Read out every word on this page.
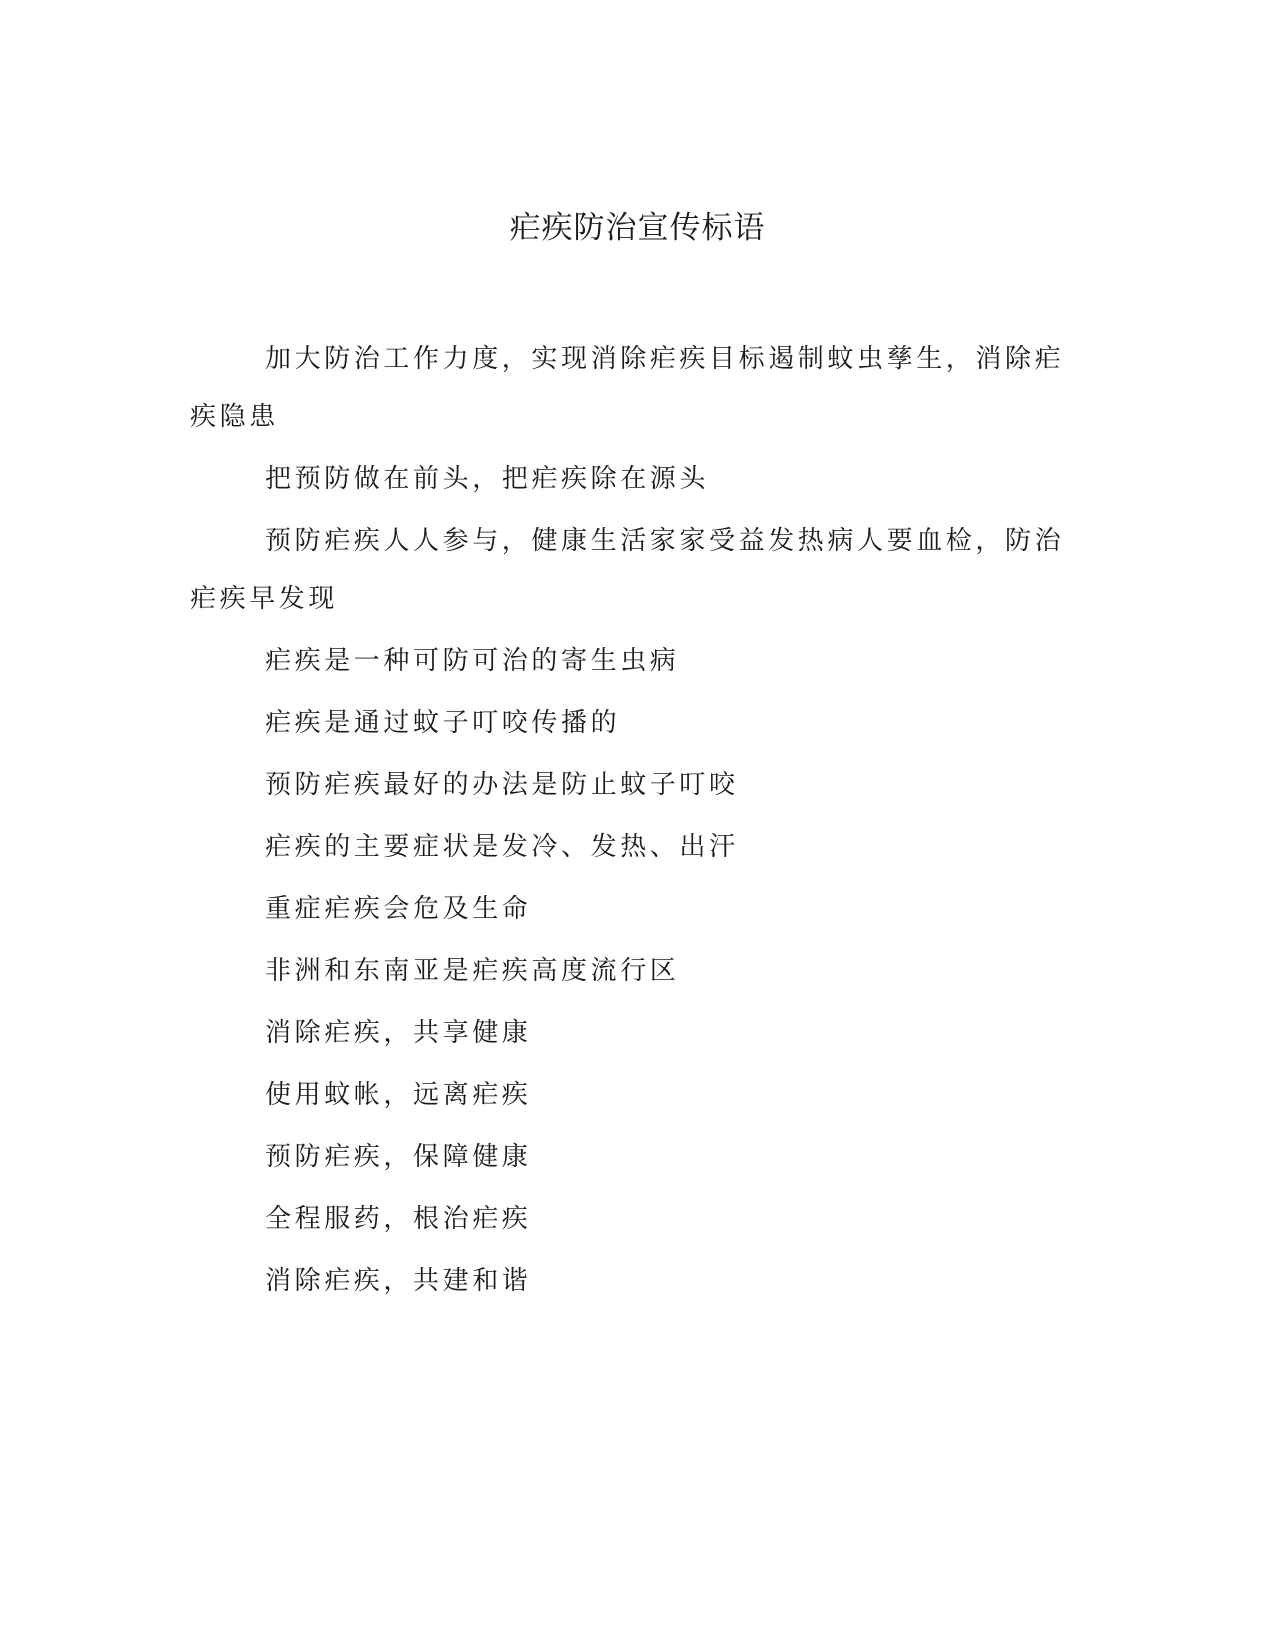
疟疾防治宣传标语

加大防治工作力度，实现消除疟疾目标遏制蚊虫孳生，消除疟疾隐患

把预防做在前头，把疟疾除在源头

预防疟疾人人参与，健康生活家家受益发热病人要血检，防治疟疾早发现

疟疾是一种可防可治的寄生虫病

疟疾是通过蚊子叮咬传播的

预防疟疾最好的办法是防止蚊子叮咬

疟疾的主要症状是发冷、发热、出汗

重症疟疾会危及生命

非洲和东南亚是疟疾高度流行区

消除疟疾，共享健康

使用蚊帐，远离疟疾

预防疟疾，保障健康

全程服药，根治疟疾

消除疟疾，共建和谐
